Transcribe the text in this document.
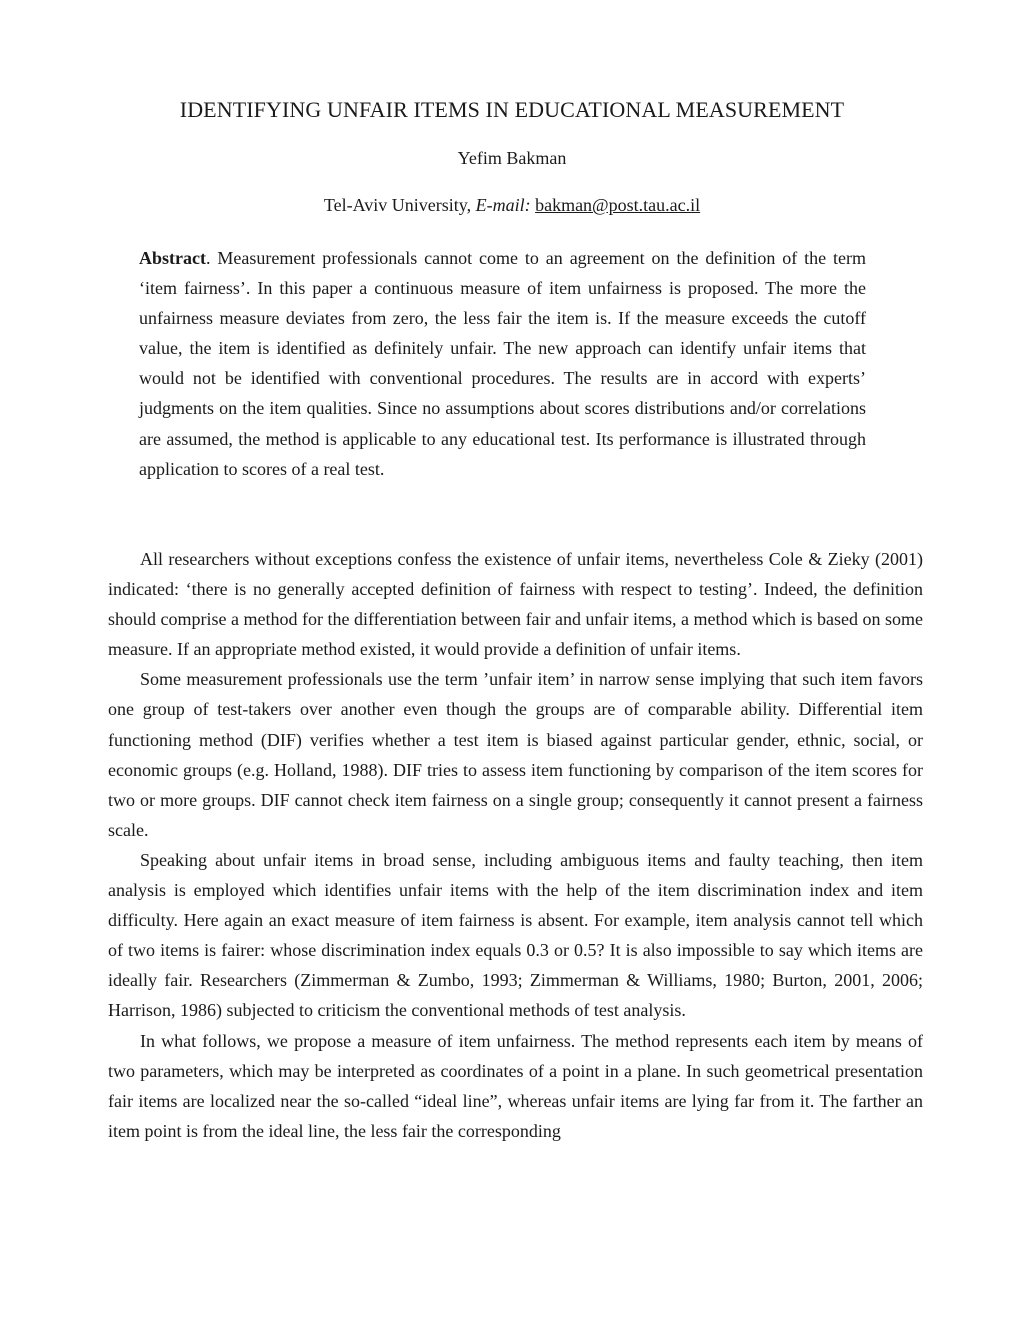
IDENTIFYING UNFAIR ITEMS IN EDUCATIONAL MEASUREMENT
Yefim Bakman
Tel-Aviv University, E-mail: bakman@post.tau.ac.il

Abstract. Measurement professionals cannot come to an agreement on the definition of the term ‘item fairness’. In this paper a continuous measure of item unfairness is proposed. The more the unfairness measure deviates from zero, the less fair the item is. If the measure exceeds the cutoff value, the item is identified as definitely unfair. The new approach can identify unfair items that would not be identified with conventional procedures. The results are in accord with experts’ judgments on the item qualities. Since no assumptions about scores distributions and/or correlations are assumed, the method is applicable to any educational test. Its performance is illustrated through application to scores of a real test.

All researchers without exceptions confess the existence of unfair items, nevertheless Cole & Zieky (2001) indicated: ‘there is no generally accepted definition of fairness with respect to testing’. Indeed, the definition should comprise a method for the differentiation between fair and unfair items, a method which is based on some measure. If an appropriate method existed, it would provide a definition of unfair items.

Some measurement professionals use the term ’unfair item’ in narrow sense implying that such item favors one group of test-takers over another even though the groups are of comparable ability. Differential item functioning method (DIF) verifies whether a test item is biased against particular gender, ethnic, social, or economic groups (e.g. Holland, 1988). DIF tries to assess item functioning by comparison of the item scores for two or more groups. DIF cannot check item fairness on a single group; consequently it cannot present a fairness scale.

Speaking about unfair items in broad sense, including ambiguous items and faulty teaching, then item analysis is employed which identifies unfair items with the help of the item discrimination index and item difficulty. Here again an exact measure of item fairness is absent. For example, item analysis cannot tell which of two items is fairer: whose discrimination index equals 0.3 or 0.5? It is also impossible to say which items are ideally fair. Researchers (Zimmerman & Zumbo, 1993; Zimmerman & Williams, 1980; Burton, 2001, 2006; Harrison, 1986) subjected to criticism the conventional methods of test analysis.

In what follows, we propose a measure of item unfairness. The method represents each item by means of two parameters, which may be interpreted as coordinates of a point in a plane. In such geometrical presentation fair items are localized near the so-called “ideal line”, whereas unfair items are lying far from it. The farther an item point is from the ideal line, the less fair the corresponding
